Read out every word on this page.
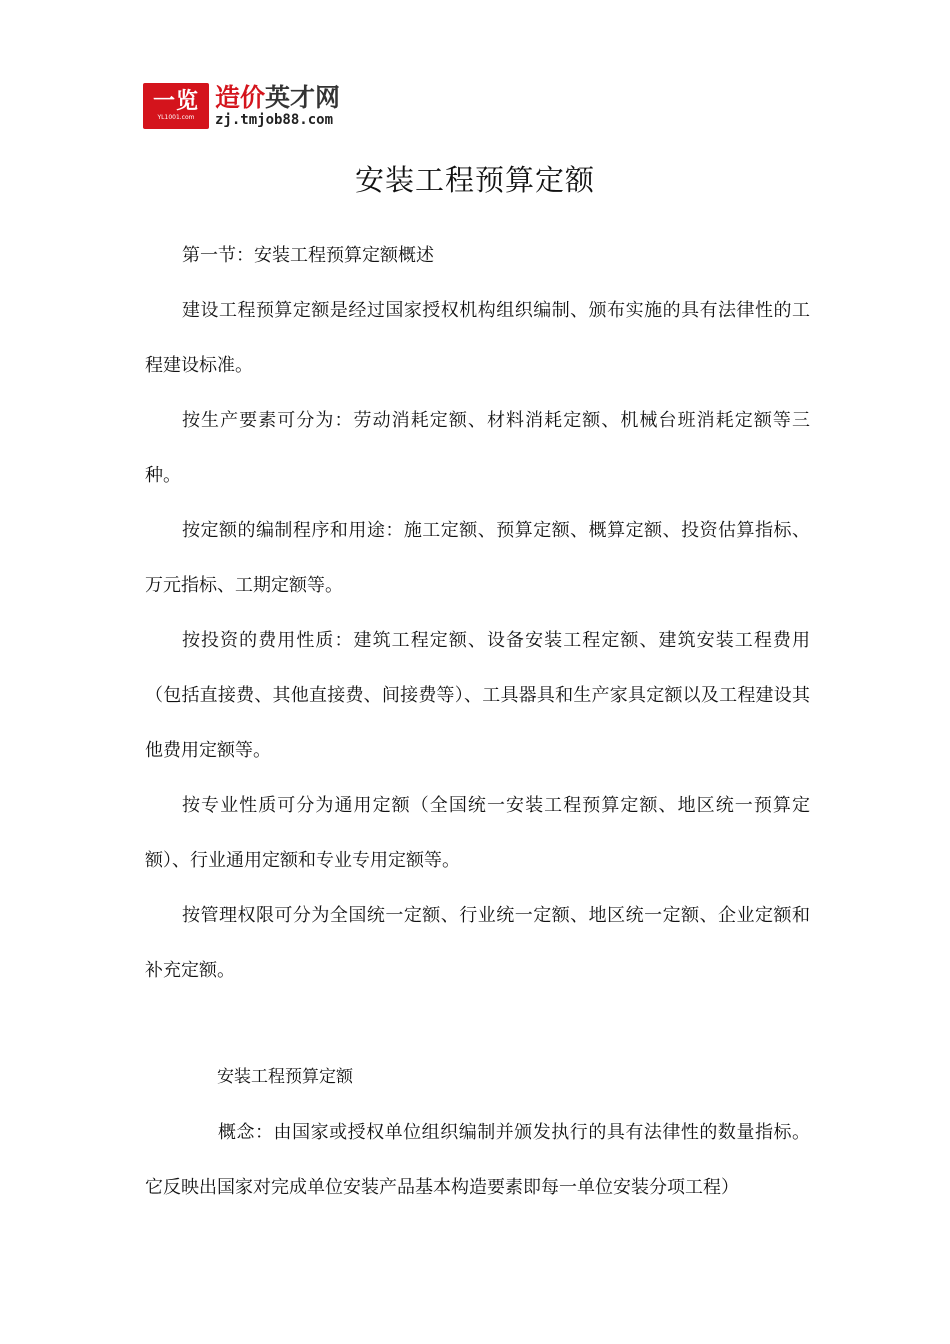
一览
YL1001.com
造价英才网
zj.tmjob88.com
安装工程预算定额

第一节：安装工程预算定额概述

建设工程预算定额是经过国家授权机构组织编制、颁布实施的具有法律性的工程建设标准。

按生产要素可分为：劳动消耗定额、材料消耗定额、机械台班消耗定额等三种。

按定额的编制程序和用途：施工定额、预算定额、概算定额、投资估算指标、万元指标、工期定额等。

按投资的费用性质：建筑工程定额、设备安装工程定额、建筑安装工程费用（包括直接费、其他直接费、间接费等）、工具器具和生产家具定额以及工程建设其他费用定额等。

按专业性质可分为通用定额（全国统一安装工程预算定额、地区统一预算定额）、行业通用定额和专业专用定额等。

按管理权限可分为全国统一定额、行业统一定额、地区统一定额、企业定额和补充定额。

安装工程预算定额

概念：由国家或授权单位组织编制并颁发执行的具有法律性的数量指标。它反映出国家对完成单位安装产品基本构造要素即每一单位安装分项工程）
